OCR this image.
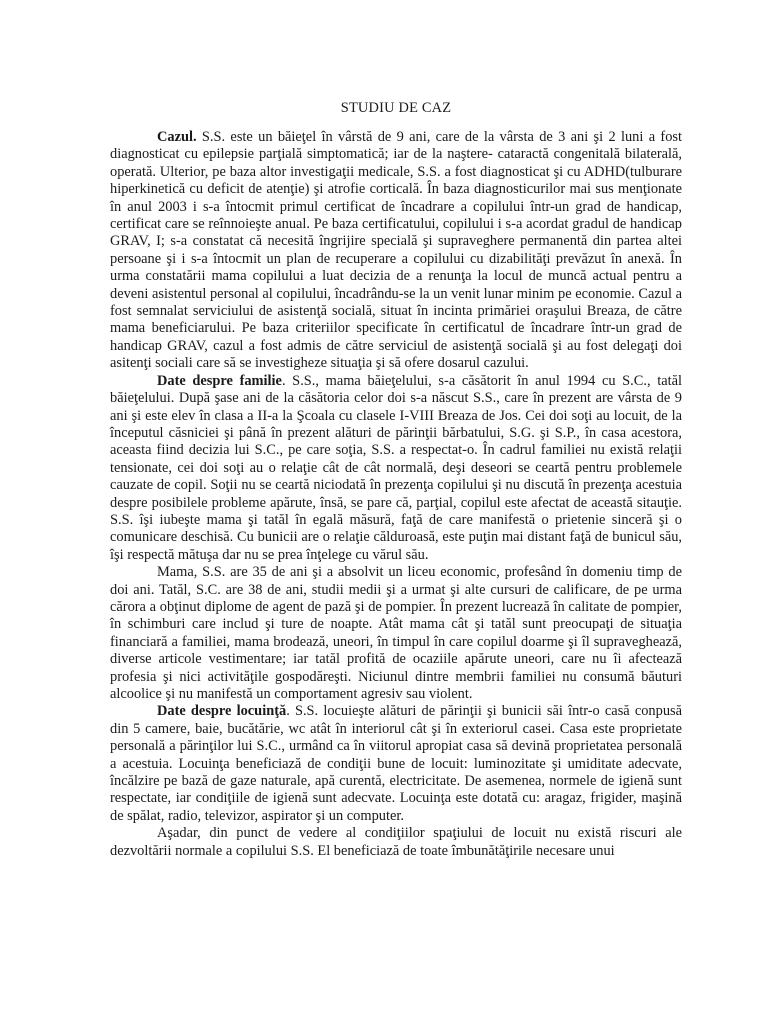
STUDIU DE CAZ

Cazul. S.S. este un băieţel în vârstă de 9 ani, care de la vârsta de 3 ani şi 2 luni a fost diagnosticat cu epilepsie parţială simptomatică; iar de la naştere- cataractă congenitală bilaterală, operată. Ulterior, pe baza altor investigaţii medicale, S.S. a fost diagnosticat şi cu ADHD(tulburare hiperkinetică cu deficit de atenţie) şi atrofie corticală. În baza diagnosticurilor mai sus menţionate în anul 2003 i s-a întocmit primul certificat de încadrare a copilului într-un grad de handicap, certificat care se reînnoieşte anual. Pe baza certificatului, copilului i s-a acordat gradul de handicap GRAV, I; s-a constatat că necesită îngrijire specială şi supraveghere permanentă din partea altei persoane şi i s-a întocmit un plan de recuperare a copilului cu dizabilităţi prevăzut în anexă. În urma constatării mama copilului a luat decizia de a renunţa la locul de muncă actual pentru a deveni asistentul personal al copilului, încadrându-se la un venit lunar minim pe economie. Cazul a fost semnalat serviciului de asistenţă socială, situat în incinta primăriei oraşului Breaza, de către mama beneficiarului. Pe baza criteriilor specificate în certificatul de încadrare într-un grad de handicap GRAV, cazul a fost admis de către serviciul de asistenţă socială şi au fost delegaţi doi asitenţi sociali care să se investigheze situaţia şi să ofere dosarul cazului.

Date despre familie. S.S., mama băieţelului, s-a căsătorit în anul 1994 cu S.C., tatăl băieţelului. După şase ani de la căsătoria celor doi s-a născut S.S., care în prezent are vârsta de 9 ani şi este elev în clasa a II-a la Şcoala cu clasele I-VIII Breaza de Jos. Cei doi soţi au locuit, de la începutul căsniciei şi până în prezent alături de părinţii bărbatului, S.G. şi S.P., în casa acestora, aceasta fiind decizia lui S.C., pe care soţia, S.S. a respectat-o. În cadrul familiei nu există relaţii tensionate, cei doi soţi au o relaţie cât de cât normală, deşi deseori se ceartă pentru problemele cauzate de copil. Soţii nu se ceartă niciodată în prezenţa copilului şi nu discută în prezenţa acestuia despre posibilele probleme apărute, însă, se pare că, parţial, copilul este afectat de această sitauţie. S.S. îşi iubeşte mama şi tatăl în egală măsură, faţă de care manifestă o prietenie sinceră şi o comunicare deschisă. Cu bunicii are o relaţie călduroasă, este puţin mai distant faţă de bunicul său, îşi respectă mătuşa dar nu se prea înţelege cu vărul său.

Mama, S.S. are 35 de ani şi a absolvit un liceu economic, profesând în domeniu timp de doi ani. Tatăl, S.C. are 38 de ani, studii medii şi a urmat şi alte cursuri de calificare, de pe urma cărora a obţinut diplome de agent de pază şi de pompier. În prezent lucrează în calitate de pompier, în schimburi care includ şi ture de noapte. Atât mama cât şi tatăl sunt preocupaţi de situaţia financiară a familiei, mama brodează, uneori, în timpul în care copilul doarme şi îl supraveghează, diverse articole vestimentare; iar tatăl profită de ocaziile apărute uneori, care nu îi afectează profesia şi nici activităţile gospodăreşti. Niciunul dintre membrii familiei nu consumă băuturi alcoolice şi nu manifestă un comportament agresiv sau violent.

Date despre locuinţă. S.S. locuieşte alături de părinţii şi bunicii săi într-o casă conpusă din 5 camere, baie, bucătărie, wc atât în interiorul cât şi în exteriorul casei. Casa este proprietate personală a părinţilor lui S.C., urmând ca în viitorul apropiat casa să devină proprietatea personală a acestuia. Locuinţa beneficiază de condiţii bune de locuit: luminozitate şi umiditate adecvate, încălzire pe bază de gaze naturale, apă curentă, electricitate. De asemenea, normele de igienă sunt respectate, iar condiţiile de igienă sunt adecvate. Locuinţa este dotată cu: aragaz, frigider, maşină de spălat, radio, televizor, aspirator şi un computer.

Aşadar, din punct de vedere al condiţiilor spaţiului de locuit nu există riscuri ale dezvoltării normale a copilului S.S. El beneficiază de toate îmbunătăţirile necesare unui
